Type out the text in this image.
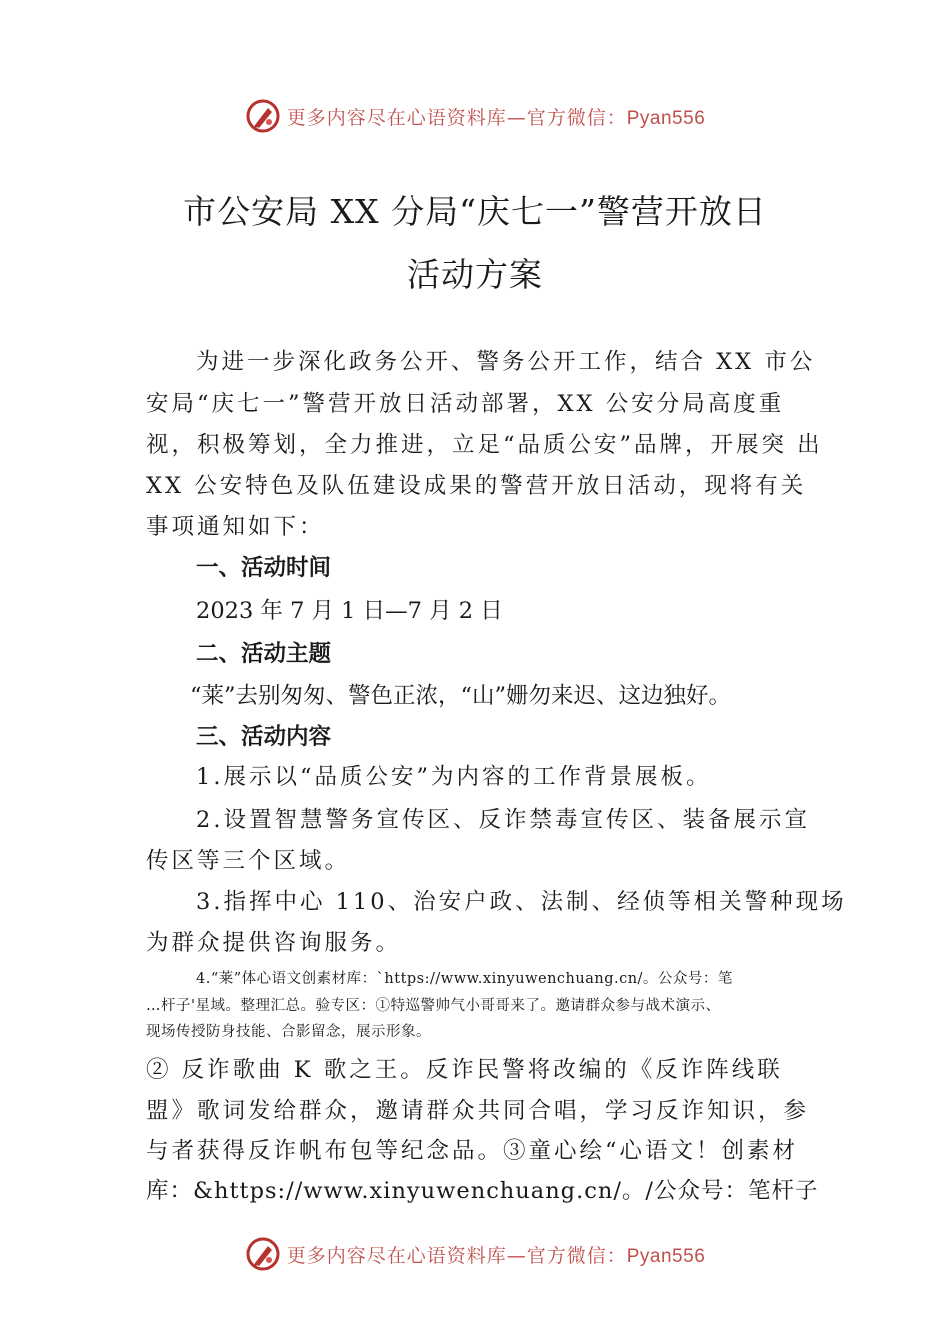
更多内容尽在心语资料库—官方微信：Pyan556
市公安局 XX 分局“庆七一”警营开放日
活动方案
为进一步深化政务公开、警务公开工作，结合 XX 市公
安局“庆七一”警营开放日活动部署，XX 公安分局高度重
视，积极筹划，全力推进，立足“品质公安”品牌，开展突 出
XX 公安特色及队伍建设成果的警营开放日活动，现将有关
事项通知如下：
一、活动时间
2023 年 7 月 1 日—7 月 2 日
二、活动主题
“莱”去别匆匆、警色正浓，“山”姗勿来迟、这边独好。
三、活动内容
1.展示以“品质公安”为内容的工作背景展板。
2.设置智慧警务宣传区、反诈禁毒宣传区、装备展示宣
传区等三个区域。
3.指挥中心 110、治安户政、法制、经侦等相关警种现场
为群众提供咨询服务。
4.“莱”体心语文创素材库：`https://www.xinyuwenchuang.cn/。公众号：笔
…杆子'星域。整理汇总。验专区：①特巡警帅气小哥哥来了。邀请群众参与战术演示、
现场传授防身技能、合影留念，展示形象。
② 反诈歌曲 K 歌之王。反诈民警将改编的《反诈阵线联
盟》歌词发给群众，邀请群众共同合唱，学习反诈知识，参
与者获得反诈帆布包等纪念品。③童心绘“心语文！创素材
库：&https://www.xinyuwenchuang.cn/。/公众号：笔杆子
更多内容尽在心语资料库—官方微信：Pyan556
